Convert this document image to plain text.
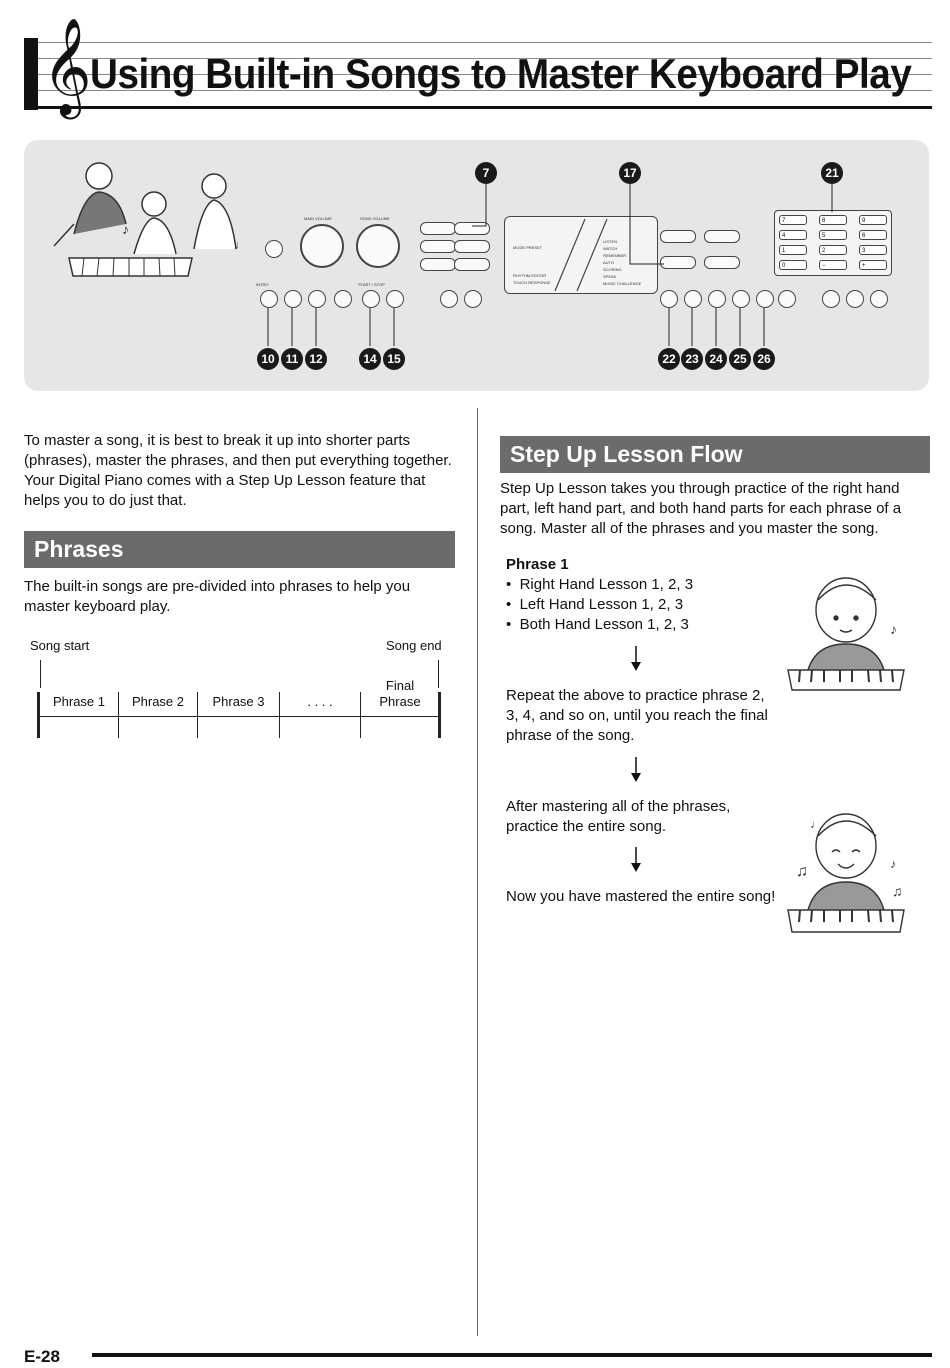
𝄞
Using Built-in Songs to Master Keyboard Play
♪
♩
MAIN VOLUME	SONG VOLUME
MODE PRESET
RHYTHM EDITOR
TOUCH RESPONSE
LISTEN
WATCH
REMEMBER
AUTO
SCORING
SPEAK
MUSIC CHALLENGE
7	8	9
4	5	6
1	2	3
0	−	+
INTRO	START / STOP
7	17	21
10 11 12	14 15	22 23 24 25 26
To master a song, it is best to break it up into shorter parts (phrases), master the phrases, and then put everything together. Your Digital Piano comes with a Step Up Lesson feature that helps you to do just that.
Phrases
The built-in songs are pre-divided into phrases to help you master keyboard play.
Song start	Song end
Phrase 1	Phrase 2	Phrase 3	. . . .
Final Phrase
Step Up Lesson Flow
Step Up Lesson takes you through practice of the right hand part, left hand part, and both hand parts for each phrase of a song. Master all of the phrases and you master the song.
Phrase 1
•  Right Hand Lesson 1, 2, 3
•  Left Hand Lesson 1, 2, 3
•  Both Hand Lesson 1, 2, 3
Repeat the above to practice phrase 2, 3, 4, and so on, until you reach the final phrase of the song.
After mastering all of the phrases, practice the entire song.
Now you have mastered the entire song!
♪
♫	♪
♫
♩
E-28
